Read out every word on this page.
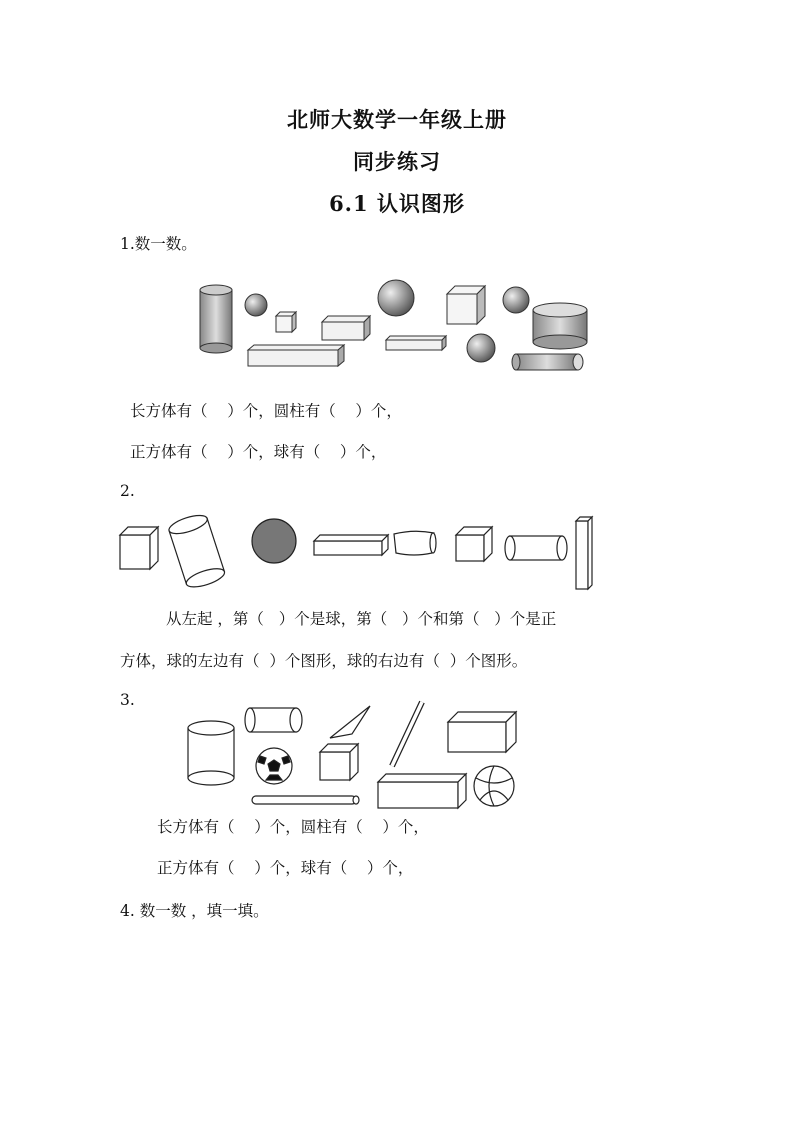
北师大数学一年级上册
同步练习
6.1 认识图形
1.数一数。
长方体有（    ）个，圆柱有（    ）个，
正方体有（    ）个，球有（    ）个，
2.
从左起 ，第（   ）个是球，第（   ）个和第（   ）个是正
方体，球的左边有（  ）个图形，球的右边有（  ）个图形。
3.
长方体有（    ）个，圆柱有（    ）个，
正方体有（    ）个，球有（    ）个，
4. 数一数 ，填一填。
